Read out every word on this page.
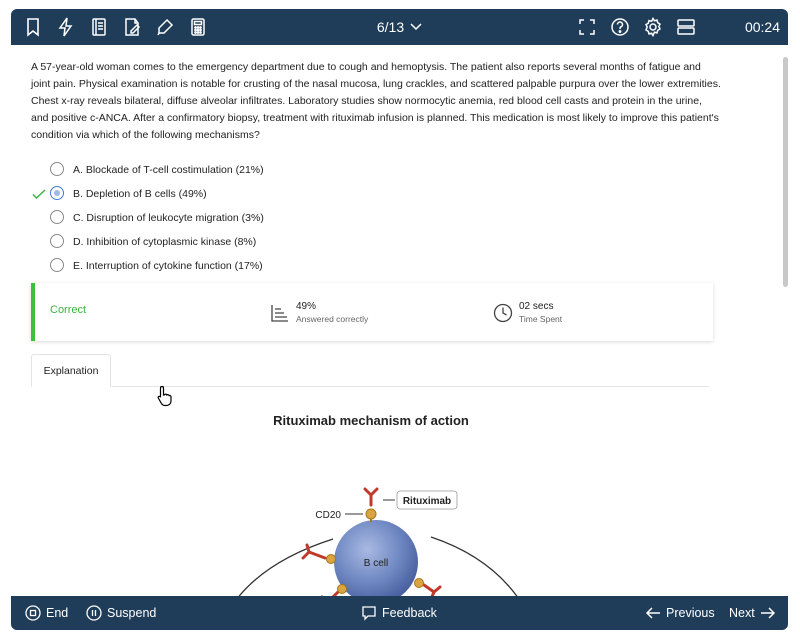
6/13	00:24
A 57-year-old woman comes to the emergency department due to cough and hemoptysis. The patient also reports several months of fatigue and joint pain. Physical examination is notable for crusting of the nasal mucosa, lung crackles, and scattered palpable purpura over the lower extremities. Chest x-ray reveals bilateral, diffuse alveolar infiltrates. Laboratory studies show normocytic anemia, red blood cell casts and protein in the urine, and positive c-ANCA. After a confirmatory biopsy, treatment with rituximab infusion is planned. This medication is most likely to improve this patient's condition via which of the following mechanisms?
A. Blockade of T-cell costimulation (21%)
B. Depletion of B cells (49%)
C. Disruption of leukocyte migration (3%)
D. Inhibition of cytoplasmic kinase (8%)
E. Interruption of cytokine function (17%)
Correct	49%
Answered correctly
02 secs
Time Spent
Explanation
Rituximab mechanism of action
B cell
CD20
Rituximab
End	Suspend	Feedback	Previous Next
